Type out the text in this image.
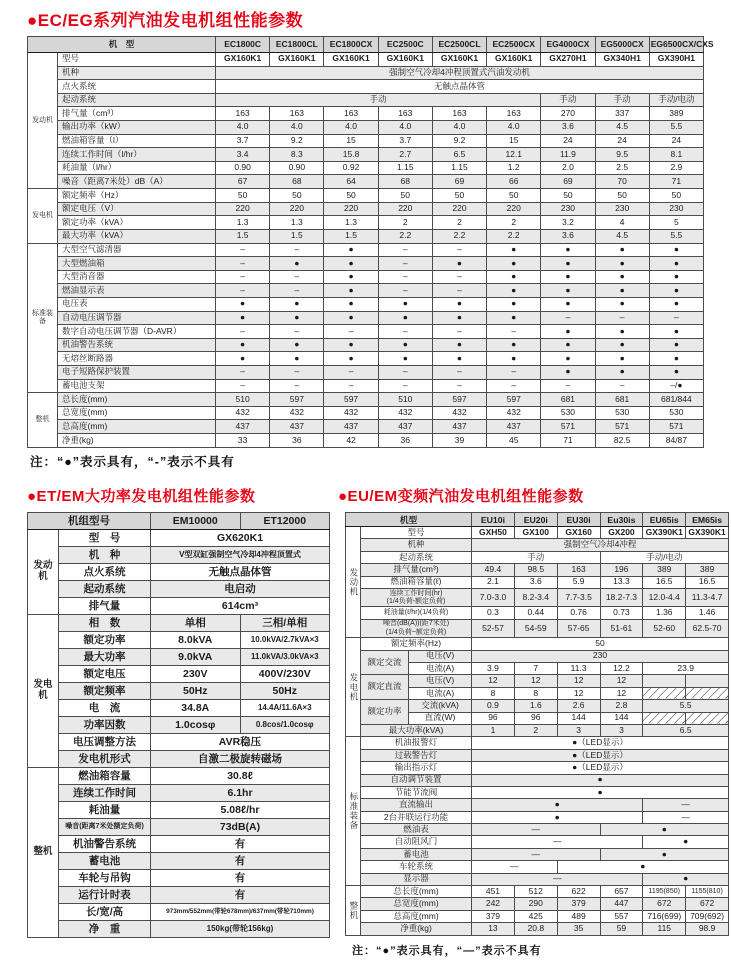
●EC/EG系列汽油发电机组性能参数
机　型		EC1800C	EC1800CL	EC1800CX	EC2500C	EC2500CL	EC2500CX	EG4000CX	EG5000CX	EG6500CX/CXS
发动机	型号	GX160K1	GX160K1	GX160K1	GX160K1	GX160K1	GX160K1	GX270H1	GX340H1	GX390H1
	机种	强制空气冷却4冲程顶置式汽油发动机								
	点火系统	无触点晶体管								
	起动系统	手动						手动	手动	手动/电动
	排气量（cm³）	163	163	163	163	163	163	270	337	389
	输出功率（kW）	4.0	4.0	4.0	4.0	4.0	4.0	3.6	4.5	5.5
	燃油箱容量（l）	3.7	9.2	15	3.7	9.2	15	24	24	24
	连续工作时间（l/hr）	3.4	8.3	15.8	2.7	6.5	12.1	11.9	9.5	8.1
	耗油量（l/hr）	0.90	0.90	0.92	1.15	1.15	1.2	2.0	2.5	2.9
	噪音（距离7米处）dB（A）	67	68	64	68	69	66	69	70	71
发电机	额定频率（Hz）	50	50	50	50	50	50	50	50	50
	额定电压（V）	220	220	220	220	220	220	230	230	230
	额定功率（kVA）	1.3	1.3	1.3	2	2	2	3.2	4	5
	最大功率（kVA）	1.5	1.5	1.5	2.2	2.2	2.2	3.6	4.5	5.5
标准装备	大型空气滤清器	–	–	●	–	–	●	●	●	●
	大型燃油箱	–	●	●	–	●	●	●	●	●
	大型消音器	–	–	●	–	–	●	●	●	●
	燃油显示表	–	–	●	–	–	●	●	●	●
	电压表	●	●	●	●	●	●	●	●	●
	自动电压调节器	●	●	●	●	●	●	–	–	–
	数字自动电压调节器（D-AVR）	–	–	–	–	–	–	●	●	●
	机油警告系统	●	●	●	●	●	●	●	●	●
	无熔丝断路器	●	●	●	●	●	●	●	●	●
	电子短路保护装置	–	–	–	–	–	–	●	●	●
	蓄电池支架	–	–	–	–	–	–	–	–	–/●
整机	总长度(mm)	510	597	597	510	597	597	681	681	681/844
	总宽度(mm)	432	432	432	432	432	432	530	530	530
	总高度(mm)	437	437	437	437	437	437	571	571	571
	净重(kg)	33	36	42	36	39	45	71	82.5	84/87
注：“●”表示具有，“-”表示不具有
●ET/EM大功率发电机组性能参数
机组型号		EM10000	ET12000
发动机	型　号	GX620K1	
	机　种	V型双缸强制空气冷却4冲程顶置式	
	点火系统	无触点晶体管	
	起动系统	电启动	
	排气量	614cm³	
发电机	相　数	单相	三相/单相
	额定功率	8.0kVA	10.0kVA/2.7kVA×3
	最大功率	9.0kVA	11.0kVA/3.0kVA×3
	额定电压	230V	400V/230V
	额定频率	50Hz	50Hz
	电　流	34.8A	14.4A/11.6A×3
	功率因数	1.0cosφ	0.8cos/1.0cosφ
	电压调整方法	AVR稳压	
	发电机形式	自激二极旋转磁场	
整机	燃油箱容量	30.8ℓ	
	连续工作时间	6.1hr	
	耗油量	5.08ℓ/hr	
	噪音(距离7米处额定负荷)	73dB(A)	
	机油警告系统	有	
	蓄电池	有	
	车轮与吊钩	有	
	运行计时表	有	
	长/宽/高	973mm/552mm(带轮678mm)/637mm(带轮710mm)	
	净　重	150kg(带轮156kg)	
●EU/EM变频汽油发电机组性能参数
机型			EU10i	EU20i	EU30i	Eu30is	EU65is	EM65is
发动机	型号		GXH50	GX100	GX160	GX200	GX390K1	GX390K1
	机种		强制空气冷却4冲程					
	起动系统		手动			手动/电动		
	排气量(cm³)		49.4	98.5	163	196	389	389
	燃油箱容量(ℓ)		2.1	3.6	5.9	13.3	16.5	16.5
	连续工作时间(hr)
(1/4负荷-额定负荷)		7.0-3.0	8.2-3.4	7.7-3.5	18.2-7.3	12.0-4.4	11.3-4.7
	耗油量(ℓ/hr)(1/4负荷)		0.3	0.44	0.76	0.73	1.36	1.46
	噪音(dB(A))(距7米处)
(1/4负荷~额定负荷)		52-57	54-59	57-65	51-61	52-60	62.5-70
发电机	额定频率(Hz)		50					
	额定交流	电压(V)	230					
		电流(A)	3.9	7	11.3	12.2	23.9	
	额定直流	电压(V)	12	12	12	12		
		电流(A)	8	8	12	12		
	额定功率	交流(kVA)	0.9	1.6	2.6	2.8	5.5	
		直流(W)	96	96	144	144		
	最大功率(kVA)		1	2	3	3	6.5	
标准装备	机油报警灯		●（LED显示）					
	过载警告灯		●（LED显示）					
	输出指示灯		●（LED显示）					
	自动调节装置		●					
	节能节流阀		●					
	直流输出		●				—	
	2台并联运行功能		●				—	
	燃油表		—			●		
	自动阻风门		—				●	
	蓄电池		—			●		
	车轮系统		—		●			
	显示器		—				●	
整机	总长度(mm)		451	512	622	657	1195(850)	1155(810)
	总宽度(mm)		242	290	379	447	672	672
	总高度(mm)		379	425	489	557	716(699)	709(692)
	净重(kg)		13	20.8	35	59	115	98.9
注：“●”表示具有，“—”表示不具有
